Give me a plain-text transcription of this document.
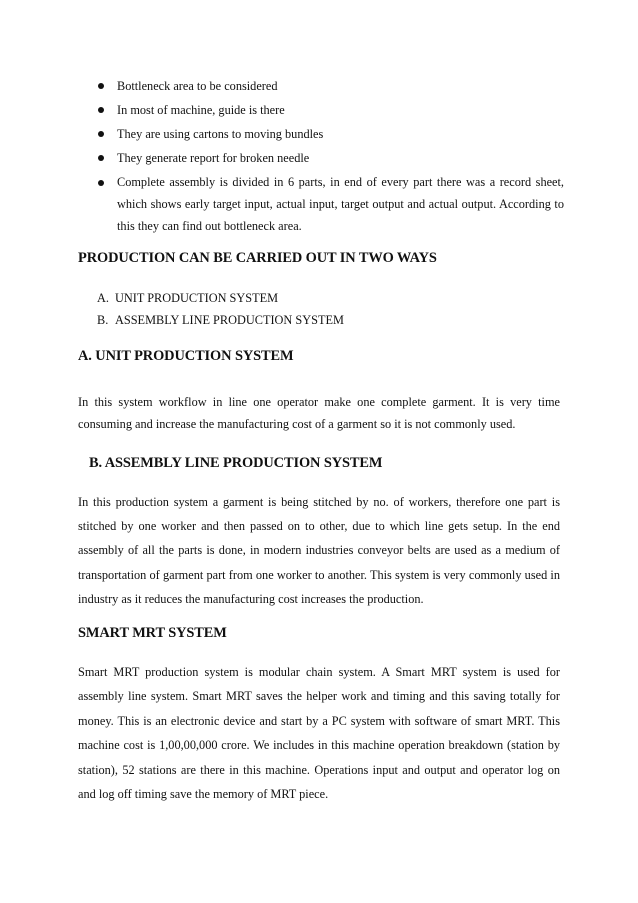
Bottleneck area to be considered
In most of machine, guide is there
They are using cartons to moving bundles
They generate report for broken needle
Complete assembly is divided in 6 parts, in end of every part there was a record sheet, which shows early target input, actual input, target output and actual output. According to this they can find out bottleneck area.
PRODUCTION CAN BE CARRIED OUT IN TWO WAYS
A. UNIT PRODUCTION SYSTEM
B. ASSEMBLY LINE PRODUCTION SYSTEM
A. UNIT PRODUCTION SYSTEM

In this system workflow in line one operator make one complete garment. It is very time consuming and increase the manufacturing cost of a garment so it is not commonly used.

B. ASSEMBLY LINE PRODUCTION SYSTEM

In this production system a garment is being stitched by no. of workers, therefore one part is stitched by one worker and then passed on to other, due to which line gets setup. In the end assembly of all the parts is done, in modern industries conveyor belts are used as a medium of transportation of garment part from one worker to another. This system is very commonly used in industry as it reduces the manufacturing cost increases the production.

SMART MRT SYSTEM

Smart MRT production system is modular chain system. A Smart MRT system is used for assembly line system. Smart MRT saves the helper work and timing and this saving totally for money. This is an electronic device and start by a PC system with software of smart MRT. This machine cost is 1,00,00,000 crore. We includes in this machine operation breakdown (station by station), 52 stations are there in this machine. Operations input and output and operator log on and log off timing save the memory of MRT piece.
